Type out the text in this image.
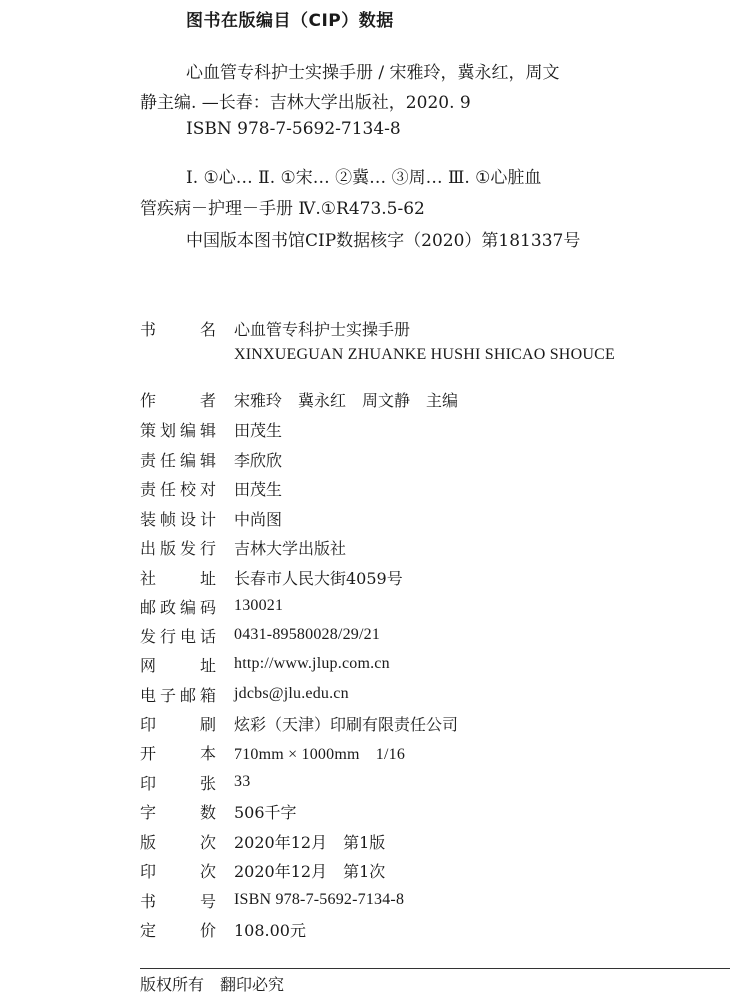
图书在版编目（CIP）数据
心血管专科护士实操手册 / 宋雅玲，冀永红，周文
静主编. —长春：吉林大学出版社，2020. 9
ISBN 978-7-5692-7134-8
Ⅰ. ①心… Ⅱ. ①宋… ②冀… ③周… Ⅲ. ①心脏血
管疾病－护理－手册 Ⅳ.①R473.5-62
中国版本图书馆CIP数据核字（2020）第181337号
书	名 心血管专科护士实操手册
XINXUEGUAN ZHUANKE HUSHI SHICAO SHOUCE
作	者 宋雅玲　冀永红　周文静　主编
策 划 编 辑 田茂生
责 任 编 辑 李欣欣
责 任 校 对 田茂生
装 帧 设 计 中尚图
出 版 发 行 吉林大学出版社
社	址 长春市人民大街4059号
邮 政 编 码 130021
发 行 电 话 0431-89580028/29/21
网	址 http://www.jlup.com.cn
电 子 邮 箱 jdcbs@jlu.edu.cn
印	刷 炫彩（天津）印刷有限责任公司
开	本 710mm × 1000mm　1/16
印	张 33
字	数 506千字
版	次 2020年12月　第1版
印	次 2020年12月　第1次
书	号 ISBN 978-7-5692-7134-8
定	价 108.00元
版权所有 翻印必究
